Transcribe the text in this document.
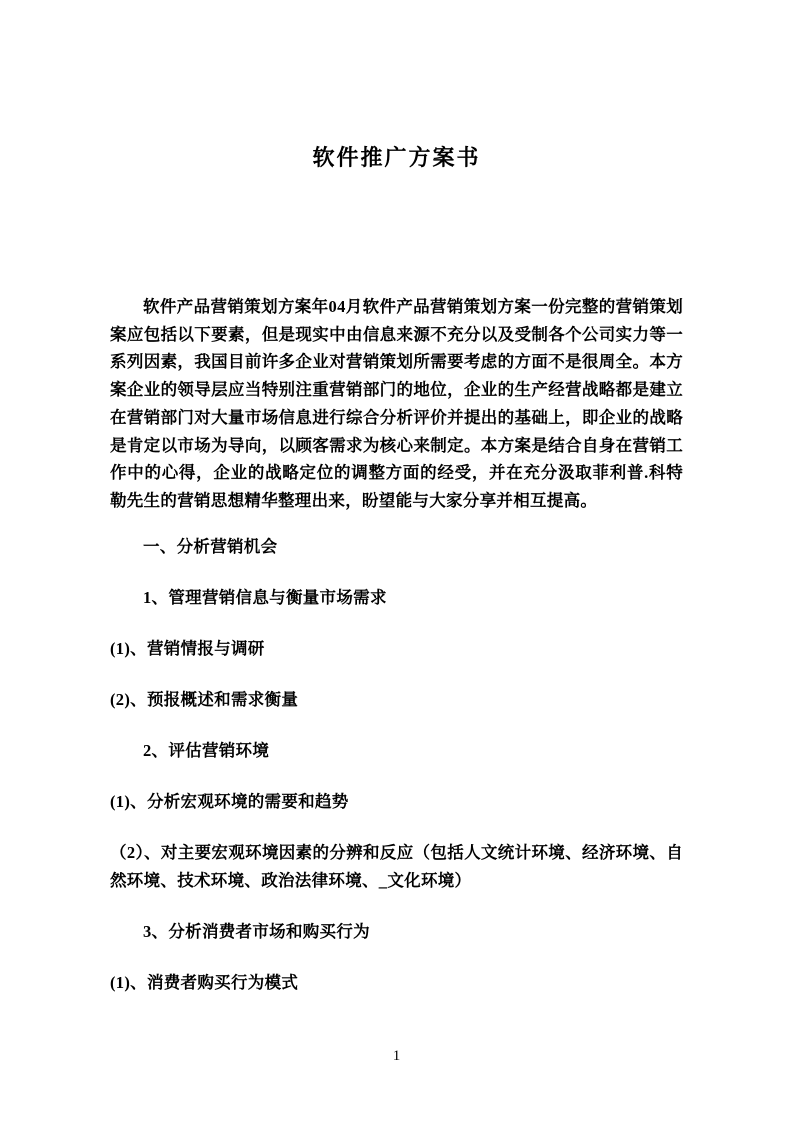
软件推广方案书

软件产品营销策划方案年04月软件产品营销策划方案一份完整的营销策划案应包括以下要素，但是现实中由信息来源不充分以及受制各个公司实力等一系列因素，我国目前许多企业对营销策划所需要考虑的方面不是很周全。本方案企业的领导层应当特别注重营销部门的地位，企业的生产经营战略都是建立在营销部门对大量市场信息进行综合分析评价并提出的基础上，即企业的战略是肯定以市场为导向，以顾客需求为核心来制定。本方案是结合自身在营销工作中的心得，企业的战略定位的调整方面的经受，并在充分汲取菲利普.科特勒先生的营销思想精华整理出来，盼望能与大家分享并相互提高。

一、分析营销机会

1、管理营销信息与衡量市场需求

(1)、营销情报与调研

(2)、预报概述和需求衡量

2、评估营销环境

(1)、分析宏观环境的需要和趋势

（2）、对主要宏观环境因素的分辨和反应（包括人文统计环境、经济环境、自然环境、技术环境、政治法律环境、_文化环境）

3、分析消费者市场和购买行为

(1)、消费者购买行为模式

1
